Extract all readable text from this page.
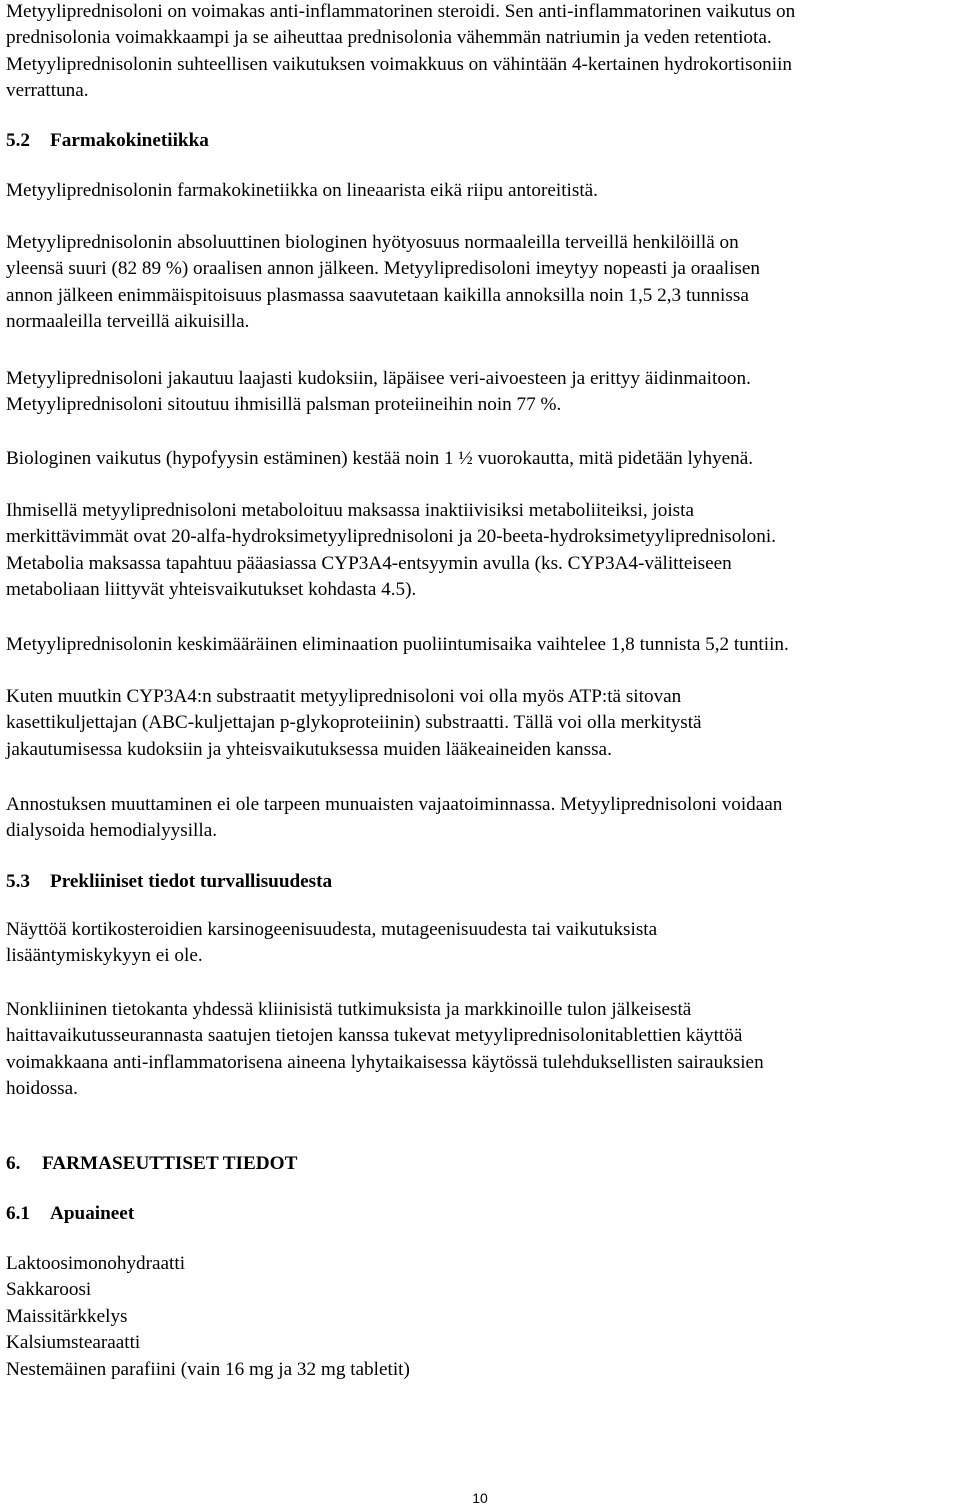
Metyyliprednisoloni on voimakas anti-inflammatorinen steroidi. Sen anti-inflammatorinen vaikutus on
prednisolonia voimakkaampi ja se aiheuttaa prednisolonia vähemmän natriumin ja veden retentiota.
Metyyliprednisolonin suhteellisen vaikutuksen voimakkuus on vähintään 4-kertainen hydrokortisoniin
verrattuna.
5.2 Farmakokinetiikka
Metyyliprednisolonin farmakokinetiikka on lineaarista eikä riipu antoreitistä.
Metyyliprednisolonin absoluuttinen biologinen hyötyosuus normaaleilla terveillä henkilöillä on
yleensä suuri (82 89 %) oraalisen annon jälkeen. Metyylipredisoloni imeytyy nopeasti ja oraalisen
annon jälkeen enimmäispitoisuus plasmassa saavutetaan kaikilla annoksilla noin 1,5 2,3 tunnissa
normaaleilla terveillä aikuisilla.
Metyyliprednisoloni jakautuu laajasti kudoksiin, läpäisee veri-aivoesteen ja erittyy äidinmaitoon.
Metyyliprednisoloni sitoutuu ihmisillä palsman proteiineihin noin 77 %.
Biologinen vaikutus (hypofyysin estäminen) kestää noin 1 ½ vuorokautta, mitä pidetään lyhyenä.
Ihmisellä metyyliprednisoloni metaboloituu maksassa inaktiivisiksi metaboliiteiksi, joista
merkittävimmät ovat 20-alfa-hydroksimetyyliprednisoloni ja 20-beeta-hydroksimetyyliprednisoloni.
Metabolia maksassa tapahtuu pääasiassa CYP3A4-entsyymin avulla (ks. CYP3A4-välitteiseen
metaboliaan liittyvät yhteisvaikutukset kohdasta 4.5).
Metyyliprednisolonin keskimääräinen eliminaation puoliintumisaika vaihtelee 1,8 tunnista 5,2 tuntiin.
Kuten muutkin CYP3A4:n substraatit metyyliprednisoloni voi olla myös ATP:tä sitovan
kasettikuljettajan (ABC-kuljettajan p-glykoproteiinin) substraatti. Tällä voi olla merkitystä
jakautumisessa kudoksiin ja yhteisvaikutuksessa muiden lääkeaineiden kanssa.
Annostuksen muuttaminen ei ole tarpeen munuaisten vajaatoiminnassa. Metyyliprednisoloni voidaan
dialysoida hemodialyysilla.
5.3 Prekliiniset tiedot turvallisuudesta
Näyttöä kortikosteroidien karsinogeenisuudesta, mutageenisuudesta tai vaikutuksista
lisääntymiskykyyn ei ole.
Nonkliininen tietokanta yhdessä kliinisistä tutkimuksista ja markkinoille tulon jälkeisestä
haittavaikutusseurannasta saatujen tietojen kanssa tukevat metyyliprednisolonitablettien käyttöä
voimakkaana anti-inflammatorisena aineena lyhytaikaisessa käytössä tulehduksellisten sairauksien
hoidossa.
6. FARMASEUTTISET TIEDOT
6.1 Apuaineet
Laktoosimonohydraatti
Sakkaroosi
Maissitärkkelys
Kalsiumstearaatti
Nestemäinen parafiini (vain 16 mg ja 32 mg tabletit)
10
